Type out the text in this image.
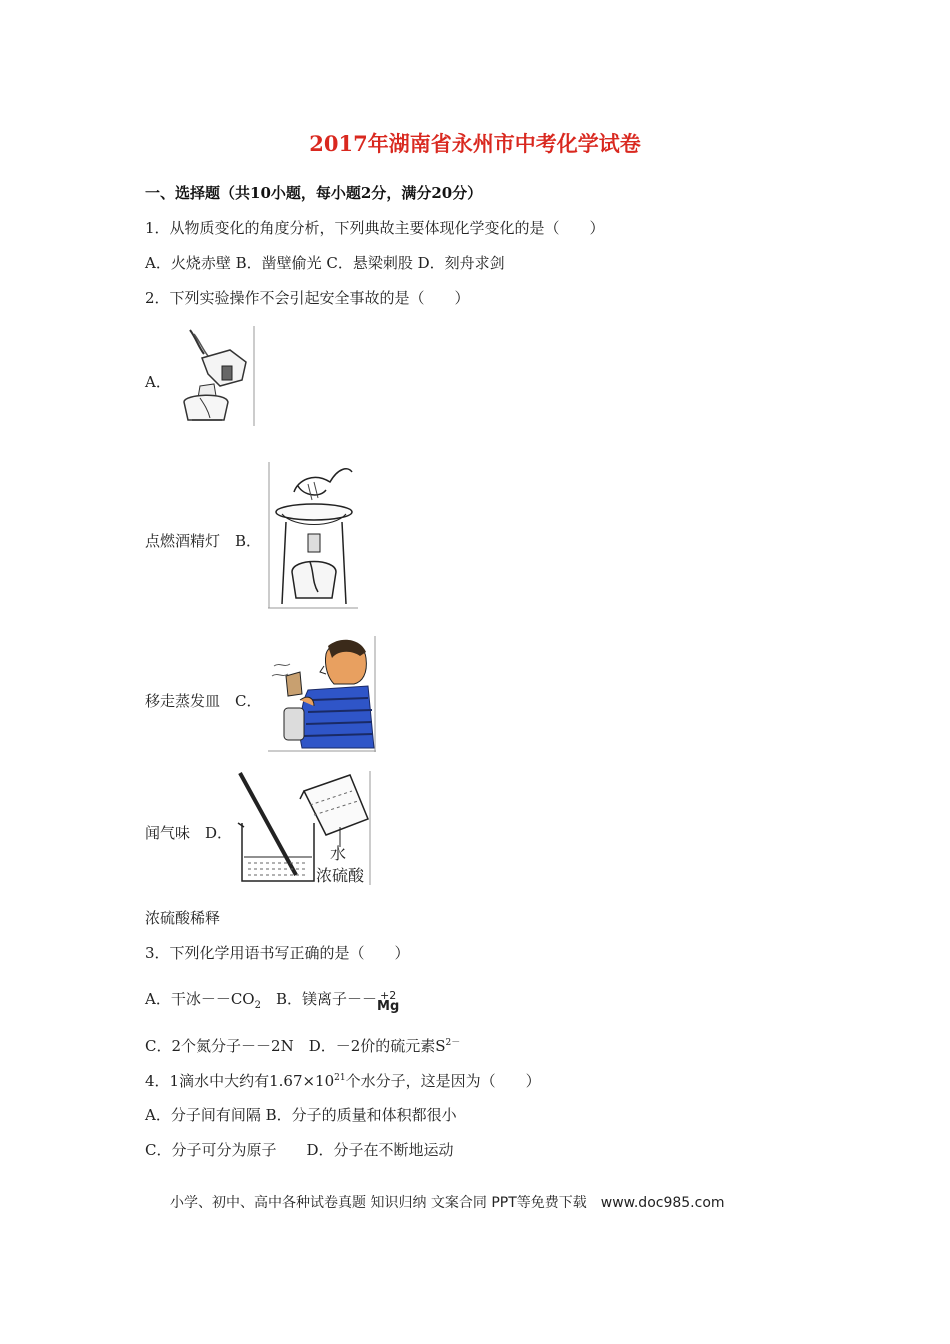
2017年湖南省永州市中考化学试卷
一、选择题（共10小题，每小题2分，满分20分）
1．从物质变化的角度分析，下列典故主要体现化学变化的是（　　）
A．火烧赤壁 B．凿壁偷光 C．悬梁刺股 D．刻舟求剑
2．下列实验操作不会引起安全事故的是（　　）
A．
点燃酒精灯　B．
移走蒸发皿　C．
闻气味　D．
水
浓硫酸
浓硫酸稀释
3．下列化学用语书写正确的是（　　）
A．干冰$--CO_2$　B．镁离子－－ +2
Mg
C．2个氮分子－－2N　D．－2价的硫元素$S^{2-}$
4．1滴水中大约有$1.67\times 10^{21}$个水分子，这是因为（　　）
A．分子间有间隔 B．分子的质量和体积都很小
C．分子可分为原子　　D．分子在不断地运动
小学、初中、高中各种试卷真题 知识归纳 文案合同 PPT等免费下载　www.doc985.com
